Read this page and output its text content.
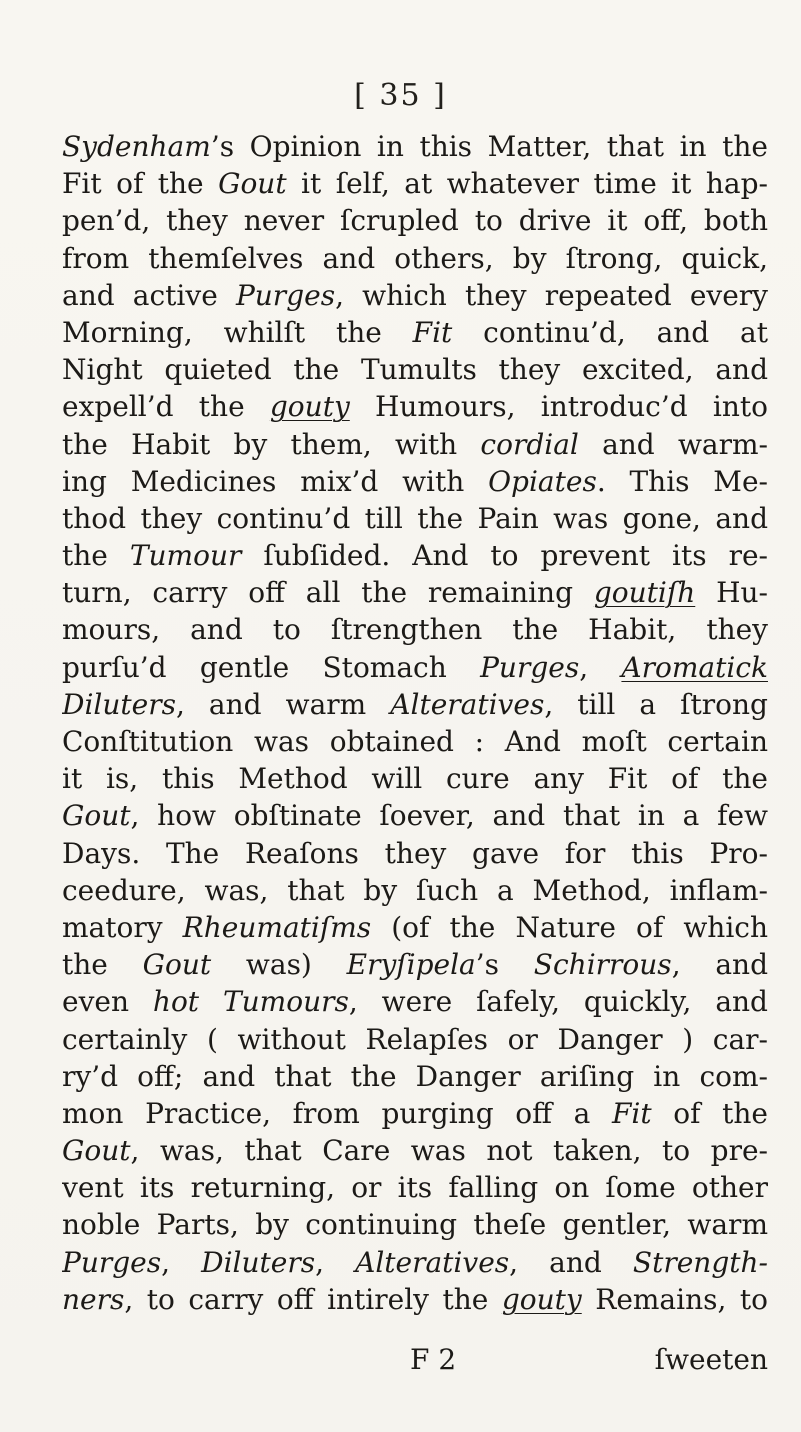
[ 35 ]
Sydenham’s Opinion in this Matter, that in the
Fit of the Gout it ſelf, at whatever time it hap-
pen’d, they never ſcrupled to drive it off, both
from themſelves and others, by ſtrong, quick,
and active Purges, which they repeated every
Morning, whilſt the Fit continu’d, and at
Night quieted the Tumults they excited, and
expell’d the gouty Humours, introduc’d into
the Habit by them, with cordial and warm-
ing Medicines mix’d with Opiates. This Me-
thod they continu’d till the Pain was gone, and
the Tumour ſubſided. And to prevent its re-
turn, carry off all the remaining goutiſh Hu-
mours, and to ſtrengthen the Habit, they
purſu’d gentle Stomach Purges, Aromatick
Diluters, and warm Alteratives, till a ſtrong
Conſtitution was obtained : And moſt certain
it is, this Method will cure any Fit of the
Gout, how obſtinate ſoever, and that in a few
Days. The Reaſons they gave for this Pro-
ceedure, was, that by ſuch a Method, inflam-
matory Rheumatiſms (of the Nature of which
the Gout was) Eryſipela’s Schirrous, and
even hot Tumours, were ſafely, quickly, and
certainly ( without Relapſes or Danger ) car-
ry’d off; and that the Danger ariſing in com-
mon Practice, from purging off a Fit of the
Gout, was, that Care was not taken, to pre-
vent its returning, or its falling on ſome other
noble Parts, by continuing theſe gentler, warm
Purges, Diluters, Alteratives, and Strength-
ners, to carry off intirely the gouty Remains, to
F 2	ſweeten
